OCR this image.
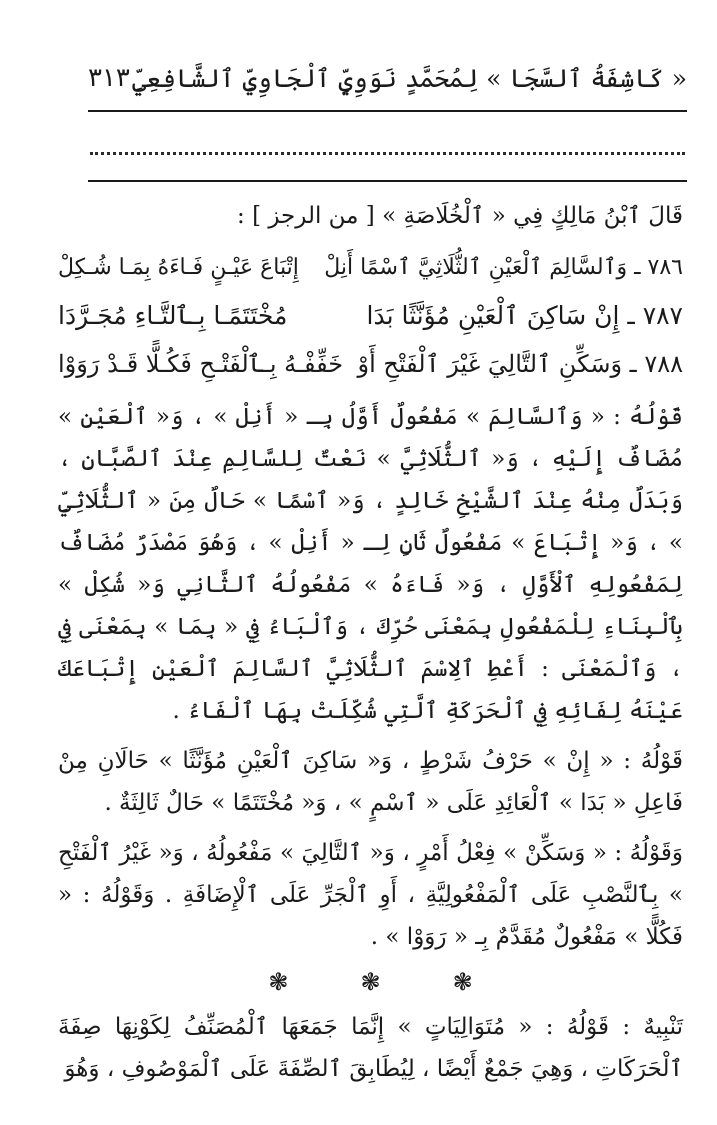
« كَاشِفَةُ ٱلسَّجَا » لِمُحَمَّدٍ نَوَوِيٍّ ٱلْجَاوِيِّ ٱلشَّافِعِيِّ
٣١٣

قَالَ ٱبْنُ مَالِكٍ فِي « ٱلْخُلَاصَةِ » [ من الرجز ] :

٧٨٦ ـ وَٱلسَّالِمَ ٱلْعَيْنِ ٱلثُّلَاثِيَّ ٱسْمًا أَنِلْ
إِتْبَاعَ عَيْـنٍ فَـاءَهُ بِمَـا شُـكِلْ
٧٨٧ ـ إِنْ سَاكِنَ ٱلْعَيْنِ مُؤَنَّثًا بَدَا
مُخْتَتَمًـا بِـٱلتَّـاءِ مُجَـرَّدَا
٧٨٨ ـ وَسَكِّنِ ٱلتَّالِيَ غَيْرَ ٱلْفَتْحِ أَوْ
خَفِّفْـهُ بِـٱلْفَتْـحِ فَكُـلًّا قَـدْ رَوَوْا

قَوْلُهُ : « وَٱلسَّالِمَ » مَفْعُولٌ أَوَّلُ بِـ « أَنِلْ » ، وَ« ٱلْعَيْنِ » مُضَافٌ إِلَيْهِ ، وَ« ٱلثُّلَاثِيَّ » نَعْتٌ لِلسَّالِمِ عِنْدَ ٱلصَّبَّانِ ، وَبَدَلٌ مِنْهُ عِنْدَ ٱلشَّيْخِ خَالِدٍ ، وَ« ٱسْمًا » حَالٌ مِنَ « ٱلثُّلَاثِيِّ » ، وَ« إِتْبَاعَ » مَفْعُولٌ ثَانٍ لِـ « أَنِلْ » ، وَهُوَ مَصْدَرٌ مُضَافٌ لِمَفْعُولِهِ ٱلْأَوَّلِ ، وَ« فَاءَهُ » مَفْعُولُهُ ٱلثَّانِي وَ« شُكِلْ » بِٱلْبِنَاءِ لِلْمَفْعُولِ بِمَعْنَى حُرِّكَ ، وَٱلْبَاءُ فِي « بِمَا » بِمَعْنَى فِي ، وَٱلْمَعْنَى : أَعْطِ ٱلِاسْمَ ٱلثُّلَاثِيَّ ٱلسَّالِمَ ٱلْعَيْنِ إِتْبَاعَكَ عَيْنَهُ لِفَائِهِ فِي ٱلْحَرَكَةِ ٱلَّتِي شُكِّلَتْ بِهَا ٱلْفَاءُ .

قَوْلُهُ : « إِنْ » حَرْفُ شَرْطٍ ، وَ« سَاكِنَ ٱلْعَيْنِ مُؤَنَّثًا » حَالَانِ مِنْ فَاعِلِ « بَدَا » ٱلْعَائِدِ عَلَى « ٱسْمٍ » ، وَ« مُخْتَتَمًا » حَالٌ ثَالِثَةٌ .

وَقَوْلُهُ : « وَسَكِّنْ » فِعْلُ أَمْرٍ ، وَ« ٱلتَّالِيَ » مَفْعُولُهُ ، وَ« غَيْرُ ٱلْفَتْحِ » بِٱلنَّصْبِ عَلَى ٱلْمَفْعُولِيَّةِ ، أَوِ ٱلْجَرِّ عَلَى ٱلْإِضَافَةِ . وَقَوْلُهُ : « فَكُلًّا » مَفْعُولٌ مُقَدَّمٌ بِـ « رَوَوْا » .

❃
❃
❃

تَنْبِيهٌ : قَوْلُهُ : « مُتَوَالِيَاتٍ » إِنَّمَا جَمَعَهَا ٱلْمُصَنِّفُ لِكَوْنِهَا صِفَةَ ٱلْحَرَكَاتِ ، وَهِيَ جَمْعٌ أَيْضًا ، لِيُطَابِقَ ٱلصِّفَةَ عَلَى ٱلْمَوْصُوفِ ، وَهُوَ
